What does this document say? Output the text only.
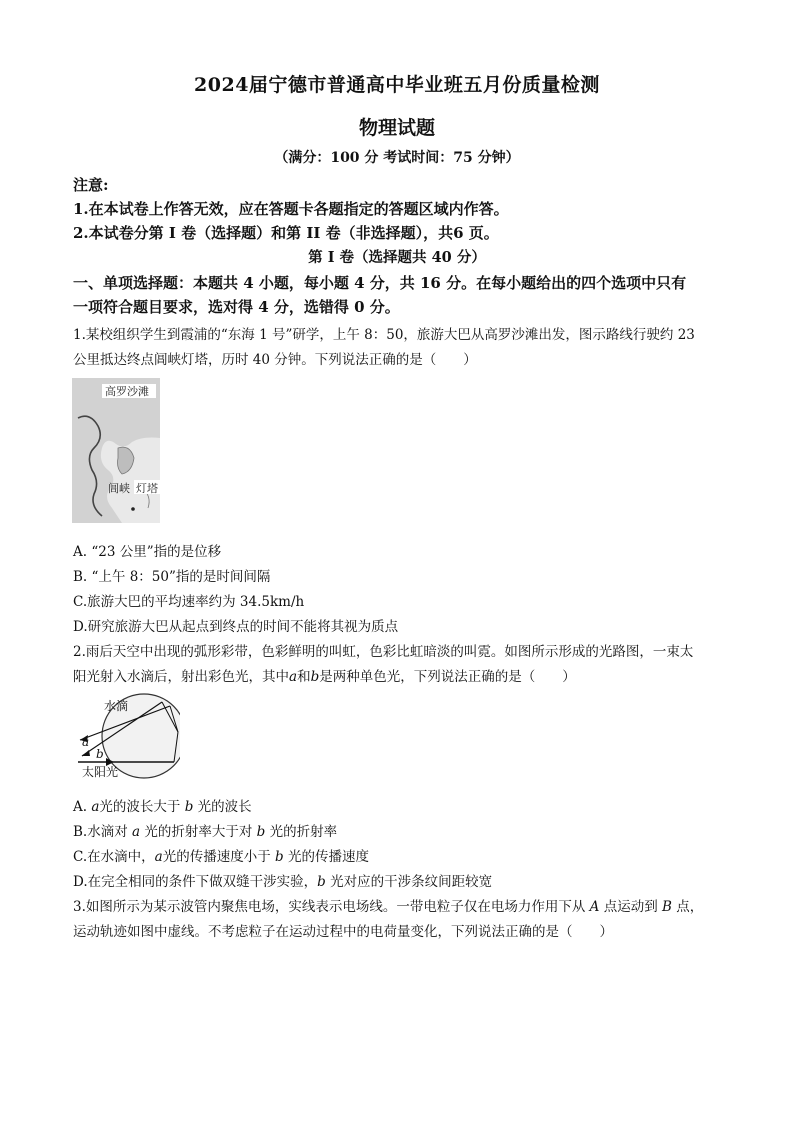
2024届宁德市普通高中毕业班五月份质量检测
物理试题
（满分：100 分 考试时间：75 分钟）
注意:
1.在本试卷上作答无效，应在答题卡各题指定的答题区域内作答。
2.本试卷分第 I 卷（选择题）和第 II 卷（非选择题），共6 页。
第 I 卷（选择题共 40 分）
一、单项选择题：本题共 4 小题，每小题 4 分，共 16 分。在每小题给出的四个选项中只有
一项符合题目要求，选对得 4 分，选错得 0 分。
1.某校组织学生到霞浦的“东海 1 号”研学，上午 8：50，旅游大巴从高罗沙滩出发，图示路线行驶约 23
公里抵达终点阊峡灯塔，历时 40 分钟。下列说法正确的是（　　）
高罗沙滩
阊峡 灯塔
A. “23 公里”指的是位移
B. “上午 8：50”指的是时间间隔
C.旅游大巴的平均速率约为 34.5km/h
D.研究旅游大巴从起点到终点的时间不能将其视为质点
2.雨后天空中出现的弧形彩带，色彩鲜明的叫虹，色彩比虹暗淡的叫霓。如图所示形成的光路图，一束太
阳光射入水滴后，射出彩色光，其中a和b是两种单色光，下列说法正确的是（　　）
水滴
a
b
太阳光
A. a光的波长大于 b 光的波长
B.水滴对 a 光的折射率大于对 b 光的折射率
C.在水滴中，a光的传播速度小于 b 光的传播速度
D.在完全相同的条件下做双缝干涉实验，b 光对应的干涉条纹间距较宽
3.如图所示为某示波管内聚焦电场，实线表示电场线。一带电粒子仅在电场力作用下从 A 点运动到 B 点，
运动轨迹如图中虚线。不考虑粒子在运动过程中的电荷量变化，下列说法正确的是（　　）
